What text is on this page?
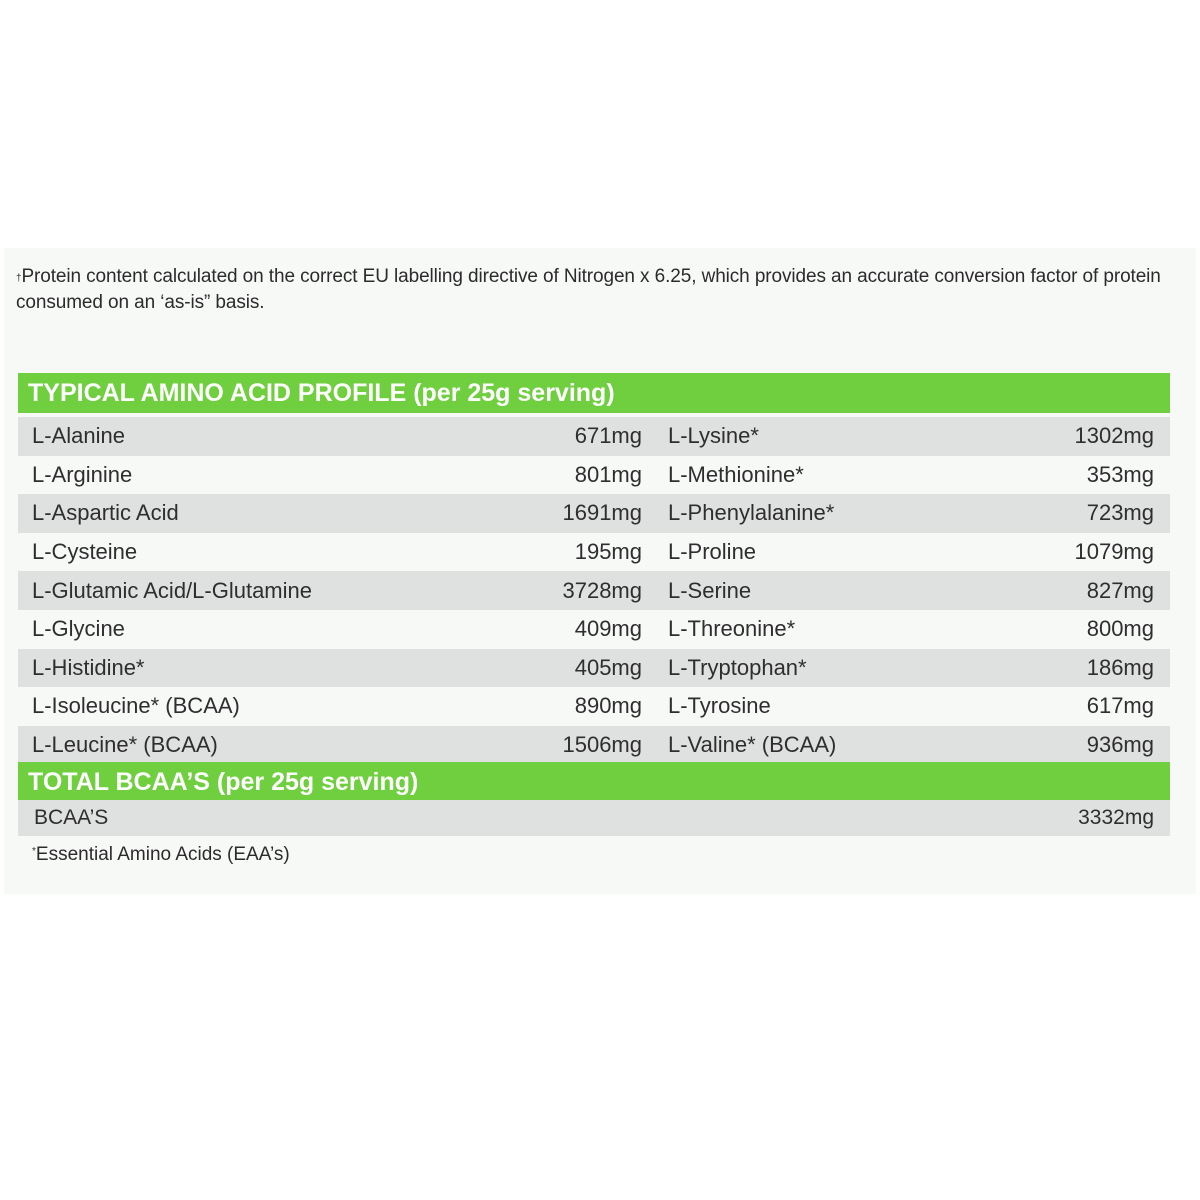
†Protein content calculated on the correct EU labelling directive of Nitrogen x 6.25, which provides an accurate conversion factor of protein consumed on an ‘as-is” basis.
TYPICAL AMINO ACID PROFILE (per 25g serving)
L-Alanine	671mg	L-Lysine*	1302mg
L-Arginine	801mg	L-Methionine*	353mg
L-Aspartic Acid	1691mg	L-Phenylalanine*	723mg
L-Cysteine	195mg	L-Proline	1079mg
L-Glutamic Acid/L-Glutamine	3728mg	L-Serine	827mg
L-Glycine	409mg	L-Threonine*	800mg
L-Histidine*	405mg	L-Tryptophan*	186mg
L-Isoleucine* (BCAA)	890mg	L-Tyrosine	617mg
L-Leucine* (BCAA)	1506mg	L-Valine* (BCAA)	936mg
TOTAL BCAA’S (per 25g serving)
BCAA’S	3332mg
*Essential Amino Acids (EAA’s)
